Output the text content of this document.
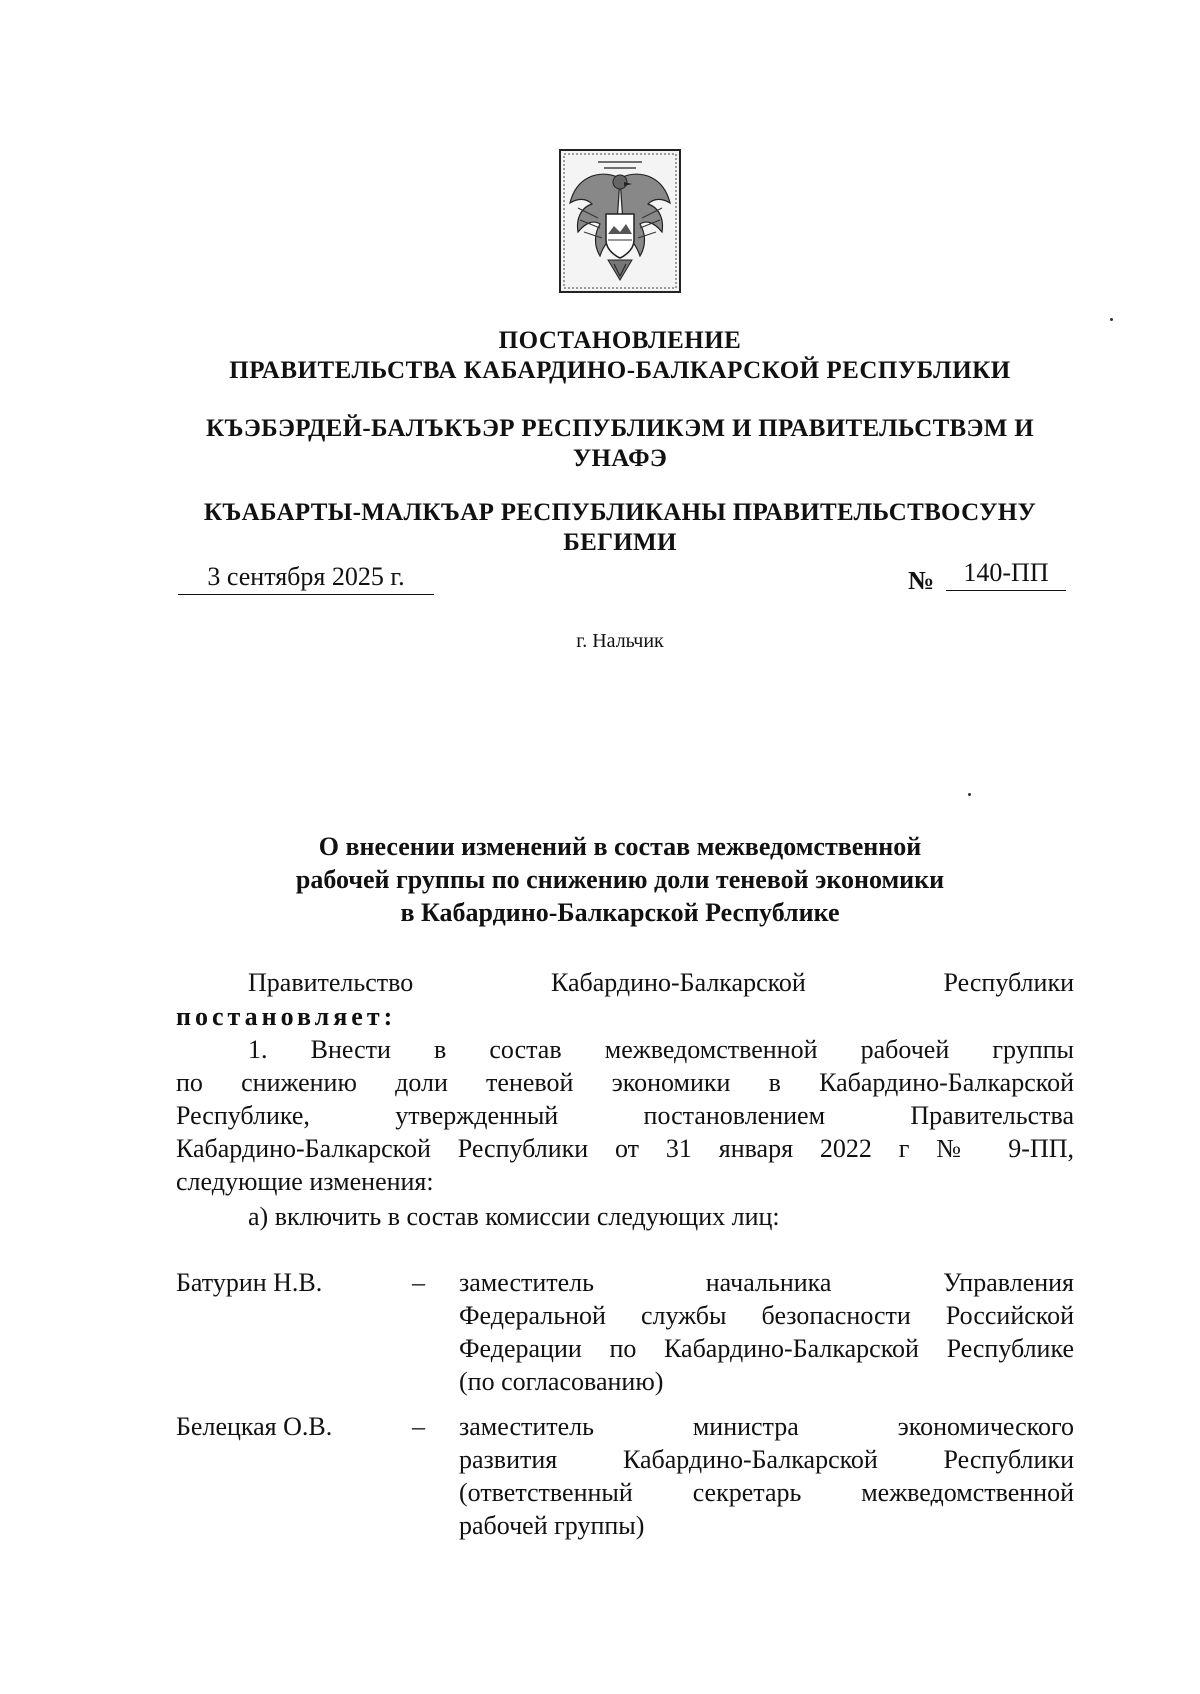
ПОСТАНОВЛЕНИЕ
ПРАВИТЕЛЬСТВА КАБАРДИНО-БАЛКАРСКОЙ РЕСПУБЛИКИ
КЪЭБЭРДЕЙ-БАЛЪКЪЭР РЕСПУБЛИКЭМ И ПРАВИТЕЛЬСТВЭМ И УНАФЭ
КЪАБАРТЫ-МАЛКЪАР РЕСПУБЛИКАНЫ ПРАВИТЕЛЬСТВОСУНУ БЕГИМИ
3 сентября 2025 г.	№	140-ПП
г. Нальчик
О внесении изменений в состав межведомственной
рабочей группы по снижению доли теневой экономики
в Кабардино-Балкарской Республике
Правительство Кабардино-Балкарской Республики
постановляет:
1. Внести в состав межведомственной рабочей группы
по снижению доли теневой экономики в Кабардино-Балкарской
Республике, утвержденный постановлением Правительства
Кабардино-Балкарской Республики от 31 января 2022 г № 9-ПП,
следующие изменения:
а) включить в состав комиссии следующих лиц:
Батурин Н.В.	–	заместитель начальника Управления
Федеральной службы безопасности Российской
Федерации по Кабардино-Балкарской Республике
(по согласованию)
Белецкая О.В.	–	заместитель министра экономического
развития Кабардино-Балкарской Республики
(ответственный секретарь межведомственной
рабочей группы)
